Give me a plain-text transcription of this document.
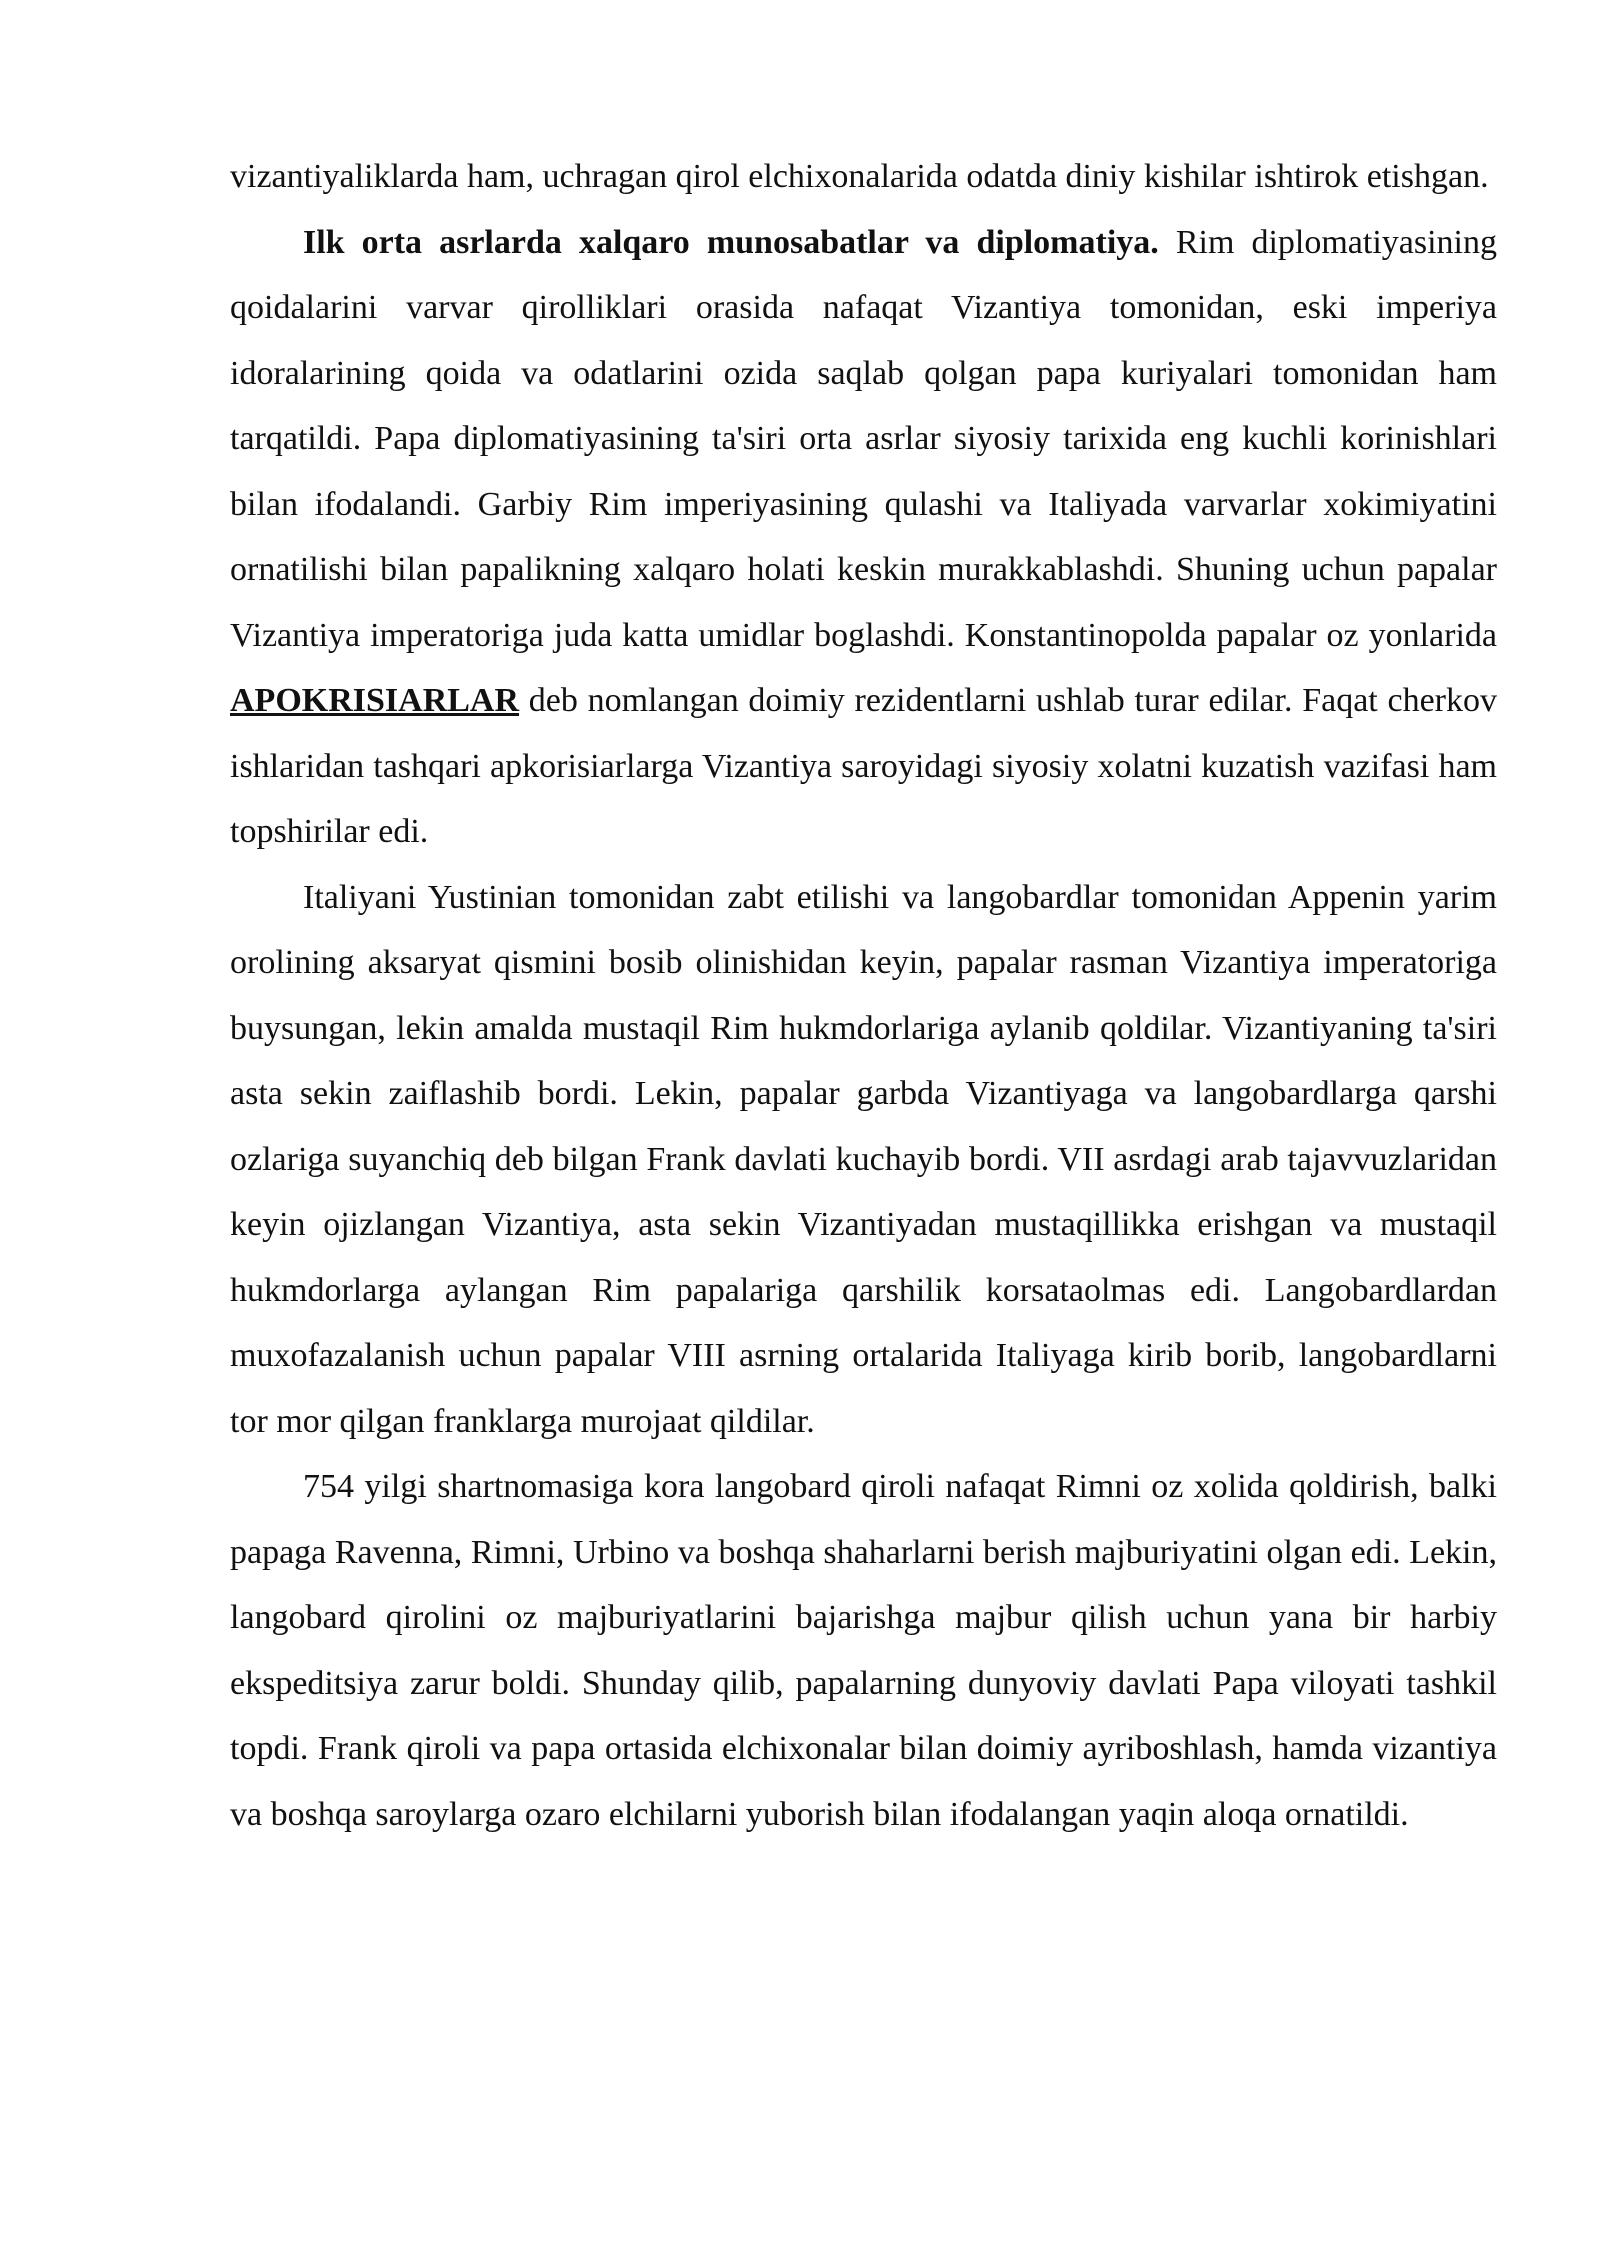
vizantiyaliklarda ham, uchragan qirol elchixonalarida odatda diniy kishilar ishtirok etishgan.

Ilk orta asrlarda xalqaro munosabatlar va diplomatiya. Rim diplomatiyasining qoidalarini varvar qirolliklari orasida nafaqat Vizantiya tomonidan, eski imperiya idoralarining qoida va odatlarini ozida saqlab qolgan papa kuriyalari tomonidan ham tarqatildi. Papa diplomatiyasining ta'siri orta asrlar siyosiy tarixida eng kuchli korinishlari bilan ifodalandi. Garbiy Rim imperiyasining qulashi va Italiyada varvarlar xokimiyatini ornatilishi bilan papalikning xalqaro holati keskin murakkablashdi. Shuning uchun papalar Vizantiya imperatoriga juda katta umidlar boglashdi. Konstantinopolda papalar oz yonlarida APOKRISIARLAR deb nomlangan doimiy rezidentlarni ushlab turar edilar. Faqat cherkov ishlaridan tashqari apkorisiarlarga Vizantiya saroyidagi siyosiy xolatni kuzatish vazifasi ham topshirilar edi.

Italiyani Yustinian tomonidan zabt etilishi va langobardlar tomonidan Appenin yarim orolining aksaryat qismini bosib olinishidan keyin, papalar rasman Vizantiya imperatoriga buysungan, lekin amalda mustaqil Rim hukmdorlariga aylanib qoldilar. Vizantiyaning ta'siri asta sekin zaiflashib bordi. Lekin, papalar garbda Vizantiyaga va langobardlarga qarshi ozlariga suyanchiq deb bilgan Frank davlati kuchayib bordi. VII asrdagi arab tajavvuzlaridan keyin ojizlangan Vizantiya, asta sekin Vizantiyadan mustaqillikka erishgan va mustaqil hukmdorlarga aylangan Rim papalariga qarshilik korsataolmas edi. Langobardlardan muxofazalanish uchun papalar VIII asrning ortalarida Italiyaga kirib borib, langobardlarni tor mor qilgan franklarga murojaat qildilar.

754 yilgi shartnomasiga kora langobard qiroli nafaqat Rimni oz xolida qoldirish, balki papaga Ravenna, Rimni, Urbino va boshqa shaharlarni berish majburiyatini olgan edi. Lekin, langobard qirolini oz majburiyatlarini bajarishga majbur qilish uchun yana bir harbiy ekspeditsiya zarur boldi. Shunday qilib, papalarning dunyoviy davlati Papa viloyati tashkil topdi. Frank qiroli va papa ortasida elchixonalar bilan doimiy ayriboshlash, hamda vizantiya va boshqa saroylarga ozaro elchilarni yuborish bilan ifodalangan yaqin aloqa ornatildi.
